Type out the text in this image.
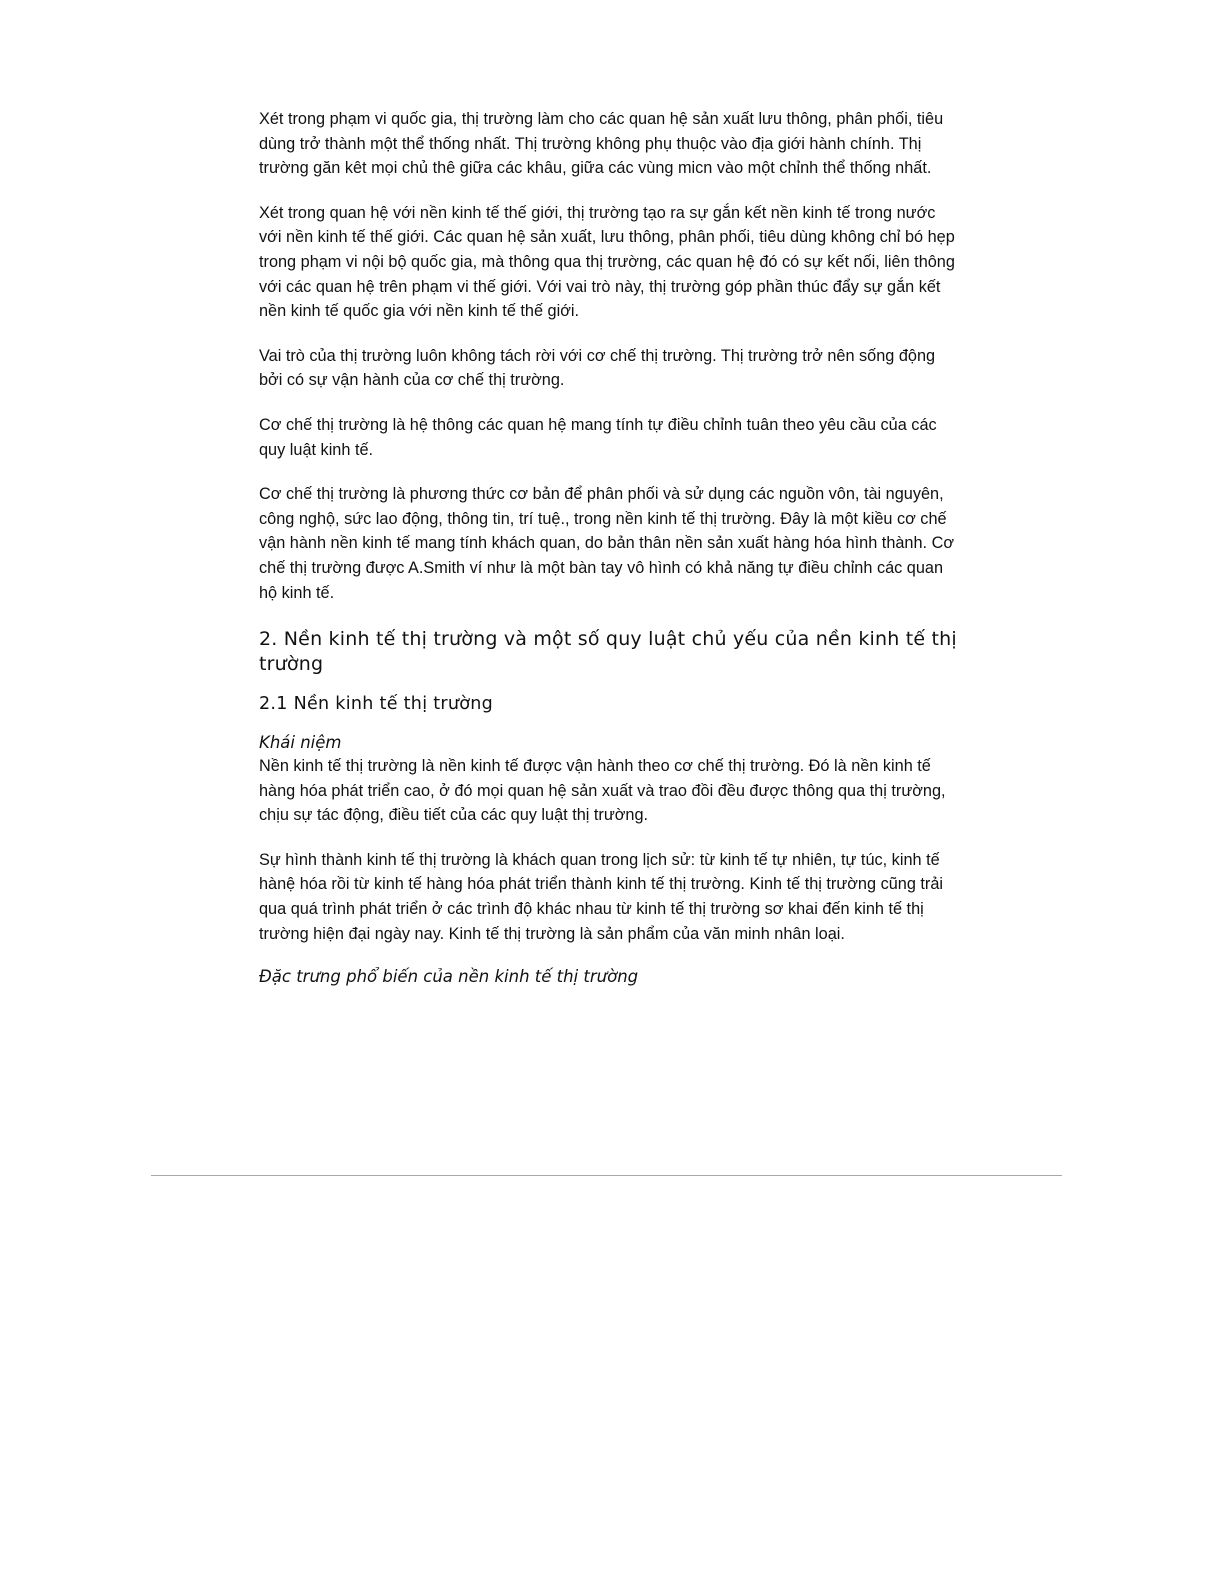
Xét trong phạm vi quốc gia, thị trường làm cho các quan hệ sản xuất lưu thông, phân phối, tiêu dùng trở thành một thể thống nhất. Thị trường không phụ thuộc vào địa giới hành chính. Thị trường găn kêt mọi chủ thê giữa các khâu, giữa các vùng micn vào một chỉnh thể thống nhất.

Xét trong quan hệ với nền kinh tế thế giới, thị trường tạo ra sự gắn kết nền kinh tế trong nước với nền kinh tế thế giới. Các quan hệ sản xuất, lưu thông, phân phối, tiêu dùng không chỉ bó hẹp trong phạm vi nội bộ quốc gia, mà thông qua thị trường, các quan hệ đó có sự kết nối, liên thông với các quan hệ trên phạm vi thế giới. Với vai trò này, thị trường góp phần thúc đẩy sự gắn kết nền kinh tế quốc gia với nền kinh tế thế giới.

Vai trò của thị trường luôn không tách rời với cơ chế thị trường. Thị trường trở nên sống động bởi có sự vận hành của cơ chế thị trường.

Cơ chế thị trường là hệ thông các quan hệ mang tính tự điều chỉnh tuân theo yêu cầu của các quy luật kinh tế.

Cơ chế thị trường là phương thức cơ bản để phân phối và sử dụng các nguồn vôn, tài nguyên, công nghộ, sức lao động, thông tin, trí tuệ., trong nền kinh tế thị trường. Đây là một kiều cơ chế vận hành nền kinh tế mang tính khách quan, do bản thân nền sản xuất hàng hóa hình thành. Cơ chế thị trường được A.Smith ví như là một bàn tay vô hình có khả năng tự điều chỉnh các quan hộ kinh tế.

2. Nền kinh tế thị trường và một số quy luật chủ yếu của nền kinh tế thị trường
2.1 Nền kinh tế thị trường
Khái niệm

Nền kinh tế thị trường là nền kinh tế được vận hành theo cơ chế thị trường. Đó là nền kinh tế hàng hóa phát triển cao, ở đó mọi quan hệ sản xuất và trao đồi đều được thông qua thị trường, chịu sự tác động, điều tiết của các quy luật thị trường.

Sự hình thành kinh tế thị trường là khách quan trong lịch sử: từ kinh tế tự nhiên, tự túc, kinh tế hànệ hóa rồi từ kinh tế hàng hóa phát triển thành kinh tế thị trường. Kinh tế thị trường cũng trải qua quá trình phát triển ở các trình độ khác nhau từ kinh tế thị trường sơ khai đến kinh tế thị trường hiện đại ngày nay. Kinh tế thị trường là sản phẩm của văn minh nhân loại.

Đặc trưng phổ biến của nền kinh tế thị trường
